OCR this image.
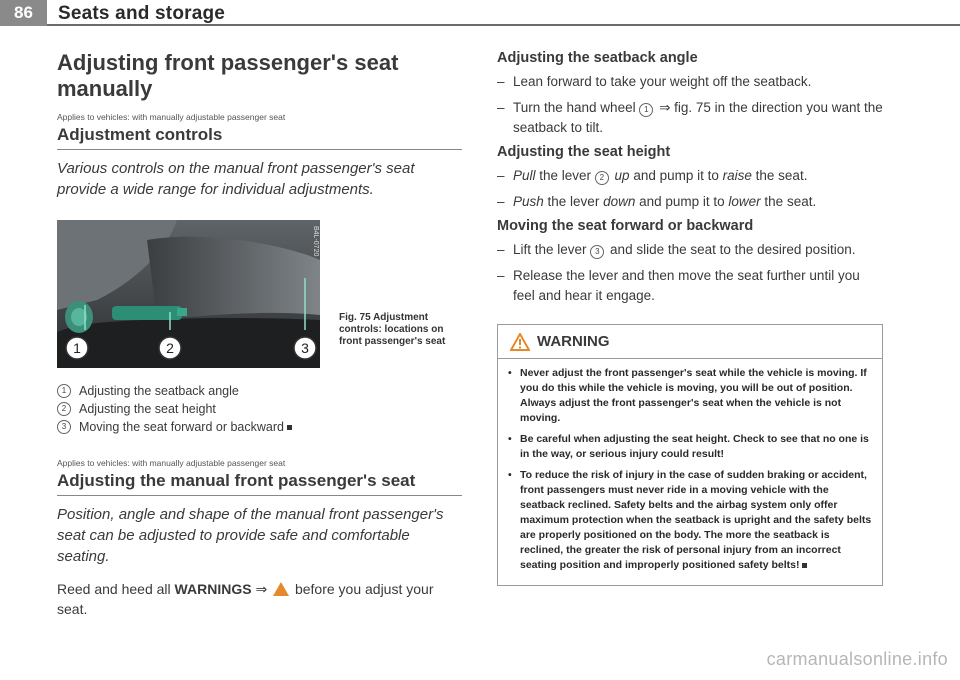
86	Seats and storage
Adjusting front passenger's seat manually
Applies to vehicles: with manually adjustable passenger seat
Adjustment controls
Various controls on the manual front passenger's seat provide a wide range for individual adjustments.
1	2	3
B4L-0720
Fig. 75 Adjustment controls: locations on front passenger's seat
1	Adjusting the seatback angle
2	Adjusting the seat height
3	Moving the seat forward or backward
Applies to vehicles: with manually adjustable passenger seat
Adjusting the manual front passenger's seat
Position, angle and shape of the manual front passenger's seat can be adjusted to provide safe and comfortable seating.
Reed and heed all WARNINGS ⇒  before you adjust your seat.
Adjusting the seatback angle
– Lean forward to take your weight off the seatback.
– Turn the hand wheel 1 ⇒ fig. 75 in the direction you want the seatback to tilt.
Adjusting the seat height
– Pull the lever 2 up and pump it to raise the seat.
– Push the lever down and pump it to lower the seat.
Moving the seat forward or backward
– Lift the lever 3 and slide the seat to the desired position.
– Release the lever and then move the seat further until you feel and hear it engage.
WARNING
• Never adjust the front passenger's seat while the vehicle is moving. If you do this while the vehicle is moving, you will be out of position. Always adjust the front passenger's seat when the vehicle is not moving.
• Be careful when adjusting the seat height. Check to see that no one is in the way, or serious injury could result!
• To reduce the risk of injury in the case of sudden braking or accident, front passengers must never ride in a moving vehicle with the seatback reclined. Safety belts and the airbag system only offer maximum protection when the seatback is upright and the safety belts are properly positioned on the body. The more the seatback is reclined, the greater the risk of personal injury from an incorrect seating position and improperly positioned safety belts!
carmanualsonline.info
